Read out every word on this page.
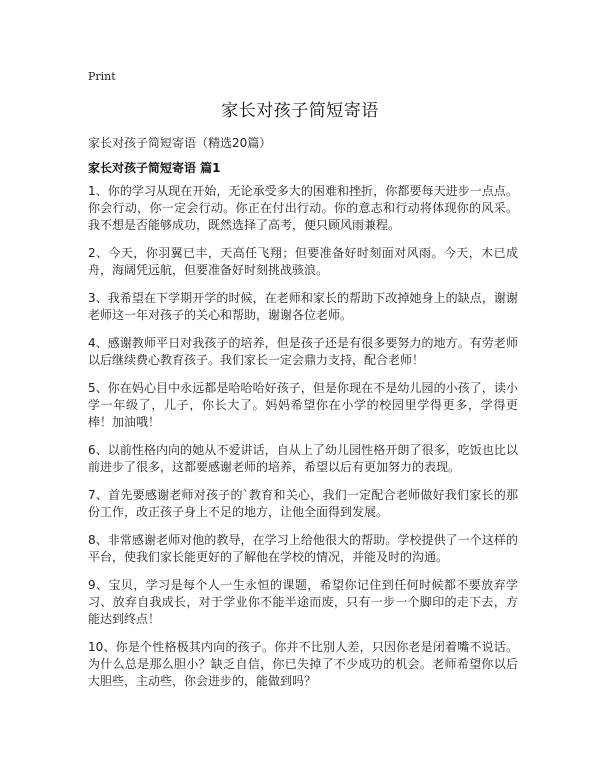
Print
家长对孩子简短寄语
家长对孩子简短寄语（精选20篇）
家长对孩子简短寄语 篇1

1、你的学习从现在开始，无论承受多大的困难和挫折，你都要每天进步一点点。你会行动，你一定会行动。你正在付出行动。你的意志和行动将体现你的风采。我不想是否能够成功，既然选择了高考，便只顾风雨兼程。

2、今天，你羽翼已丰，天高任飞翔；但要准备好时刻面对风雨。今天，木已成舟，海阔凭远航，但要准备好时刻挑战骇浪。

3、我希望在下学期开学的时候，在老师和家长的帮助下改掉她身上的缺点，谢谢老师这一年对孩子的关心和帮助，谢谢各位老师。

4、感谢教师平日对我孩子的培养，但是孩子还是有很多要努力的地方。有劳老师以后继续费心教育孩子。我们家长一定会鼎力支持，配合老师！

5、你在妈心目中永远都是哈哈哈好孩子，但是你现在不是幼儿园的小孩了，读小学一年级了，儿子，你长大了。妈妈希望你在小学的校园里学得更多，学得更棒！加油哦！

6、以前性格内向的她从不爱讲话，自从上了幼儿园性格开朗了很多，吃饭也比以前进步了很多，这都要感谢老师的培养，希望以后有更加努力的表现。

7、首先要感谢老师对孩子的`教育和关心，我们一定配合老师做好我们家长的那份工作，改正孩子身上不足的地方，让他全面得到发展。

8、非常感谢老师对他的教导，在学习上给他很大的帮助。学校提供了一个这样的平台，使我们家长能更好的了解他在学校的情况，并能及时的沟通。

9、宝贝，学习是每个人一生永恒的课题，希望你记住到任何时候都不要放弃学习、放弃自我成长，对于学业你不能半途而废，只有一步一个脚印的走下去，方能达到终点！

10、你是个性格极其内向的孩子。你并不比别人差，只因你老是闭着嘴不说话。为什么总是那么胆小？缺乏自信，你已失掉了不少成功的机会。老师希望你以后大胆些，主动些，你会进步的，能做到吗？
